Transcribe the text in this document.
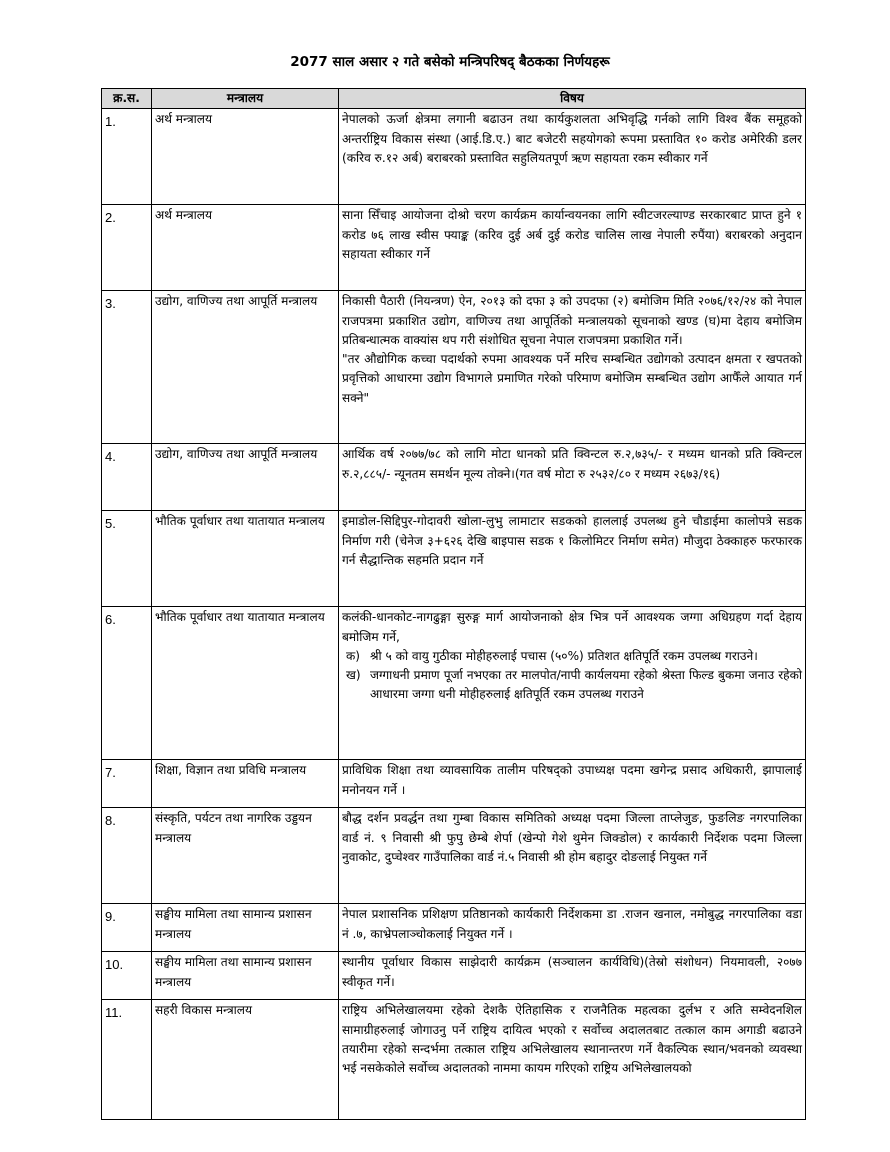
2077 साल असार २ गते बसेको मन्त्रिपरिषद् बैठकका निर्णयहरू
क्र.स.	मन्त्रालय	विषय
1.	अर्थ मन्त्रालय	नेपालको ऊर्जा क्षेत्रमा लगानी बढाउन तथा कार्यकुशलता अभिवृद्धि गर्नको लागि विश्व बैंक समूहको अन्तर्राष्ट्रिय विकास संस्था (आई.डि.ए.) बाट बजेटरी सहयोगको रूपमा प्रस्तावित १० करोड अमेरिकी डलर (करिव रु.१२ अर्ब) बराबरको प्रस्तावित सहुलियतपूर्ण ऋण सहायता रकम स्वीकार गर्ने

2.	अर्थ मन्त्रालय	साना सिँचाइ आयोजना दोश्रो चरण कार्यक्रम कार्यान्वयनका लागि स्वीटजरल्याण्ड सरकारबाट प्राप्त हुने १ करोड ७६ लाख स्वीस फ्याङ्क (करिव दुई अर्ब दुई करोड चालिस लाख नेपाली रुपैंया) बराबरको अनुदान सहायता स्वीकार गर्ने

3.	उद्योग, वाणिज्य तथा आपूर्ति मन्त्रालय	निकासी पैठारी (नियन्त्रण) ऐन, २०१३ को दफा ३ को उपदफा (२) बमोजिम मिति २०७६/१२/२४ को नेपाल राजपत्रमा प्रकाशित उद्योग, वाणिज्य तथा आपूर्तिको मन्त्रालयको सूचनाको खण्ड (घ)मा देहाय बमोजिम प्रतिबन्धात्मक वाक्यांस थप गरी संशोधित सूचना नेपाल राजपत्रमा प्रकाशित गर्ने।
"तर औद्योगिक कच्चा पदार्थको रुपमा आवश्यक पर्ने मरिच सम्बन्धित उद्योगको उत्पादन क्षमता र खपतको प्रवृत्तिको आधारमा उद्योग विभागले प्रमाणित गरेको परिमाण बमोजिम सम्बन्धित उद्योग आफैँले आयात गर्न सक्ने"

4.	उद्योग, वाणिज्य तथा आपूर्ति मन्त्रालय	आर्थिक वर्ष २०७७/७८ को लागि मोटा धानको प्रति क्विन्टल रु.२,७३५/- र मध्यम धानको प्रति क्विन्टल रु.२,८८५/- न्यूनतम समर्थन मूल्य तोक्ने।(गत वर्ष मोटा रु २५३२/८० र मध्यम २६७३/१६)

5.	भौतिक पूर्वाधार तथा यातायात मन्त्रालय	इमाडोल-सिद्दिपुर-गोदावरी खोला-लुभु लामाटार सडकको हाललाई उपलब्ध हुने चौडाईमा कालोपत्रे सडक निर्माण गरी (चेनेज ३+६२६ देखि बाइपास सडक १ किलोमिटर निर्माण समेत) मौजुदा ठेक्काहरु फरफारक गर्न सैद्धान्तिक सहमति प्रदान गर्ने

6.	भौतिक पूर्वाधार तथा यातायात मन्त्रालय	कलंकी-धानकोट-नागढुङ्गा सुरुङ्ग मार्ग आयोजनाको क्षेत्र भित्र पर्ने आवश्यक जग्गा अधिग्रहण गर्दा देहाय बमोजिम गर्ने,
क) श्री ५ को वायु गुठीका मोहीहरुलाई पचास (५०%) प्रतिशत क्षतिपूर्ति रकम उपलब्ध गराउने।
ख) जग्गाधनी प्रमाण पूर्जा नभएका तर मालपोत/नापी कार्यलयमा रहेको श्रेस्ता फिल्ड बुकमा जनाउ रहेको आधारमा जग्गा धनी मोहीहरुलाई क्षतिपूर्ति रकम उपलब्ध गराउने

7.	शिक्षा, विज्ञान तथा प्रविधि मन्त्रालय	प्राविधिक शिक्षा तथा व्यावसायिक तालीम परिषद्को उपाध्यक्ष पदमा खगेन्द्र प्रसाद अधिकारी, झापालाई मनोनयन गर्ने ।

8.	संस्कृति, पर्यटन तथा नागरिक उड्डयन मन्त्रालय	बौद्ध दर्शन प्रवर्द्धन तथा गुम्बा विकास समितिको अध्यक्ष पदमा जिल्ला ताप्लेजुङ, फुङलिङ नगरपालिका वार्ड नं. ९ निवासी श्री फुपु छेम्बे शेर्पा (खेन्पो गेशे थुमेन जिक्डोल) र कार्यकारी निर्देशक पदमा जिल्ला नुवाकोट, दुप्चेश्वर गाउँपालिका वार्ड नं.५ निवासी श्री होम बहादुर दोङलाई नियुक्त गर्ने

9.	सङ्घीय मामिला तथा सामान्य प्रशासन मन्त्रालय	नेपाल प्रशासनिक प्रशिक्षण प्रतिष्ठानको कार्यकारी निर्देशकमा डा .राजन खनाल, नमोबुद्ध नगरपालिका वडा नं .७, काभ्रेपलाञ्चोकलाई नियुक्त गर्ने ।

10.	सङ्घीय मामिला तथा सामान्य प्रशासन मन्त्रालय	स्थानीय पूर्वाधार विकास साझेदारी कार्यक्रम (सञ्चालन कार्यविधि)(तेस्रो संशोधन) नियमावली, २०७७ स्वीकृत गर्ने।

11.	सहरी विकास मन्त्रालय	राष्ट्रिय अभिलेखालयमा रहेको देशकै ऐतिहासिक र राजनैतिक महत्वका दुर्लभ र अति सम्वेदनशिल सामाग्रीहरुलाई जोगाउनु पर्ने राष्ट्रिय दायित्व भएको र सर्वोच्च अदालतबाट तत्काल काम अगाडी बढाउने तयारीमा रहेको सन्दर्भमा तत्काल राष्ट्रिय अभिलेखालय स्थानान्तरण गर्ने वैकल्पिक स्थान/भवनको व्यवस्था भई नसकेकोले सर्वोच्च अदालतको नाममा कायम गरिएको राष्ट्रिय अभिलेखालयको
